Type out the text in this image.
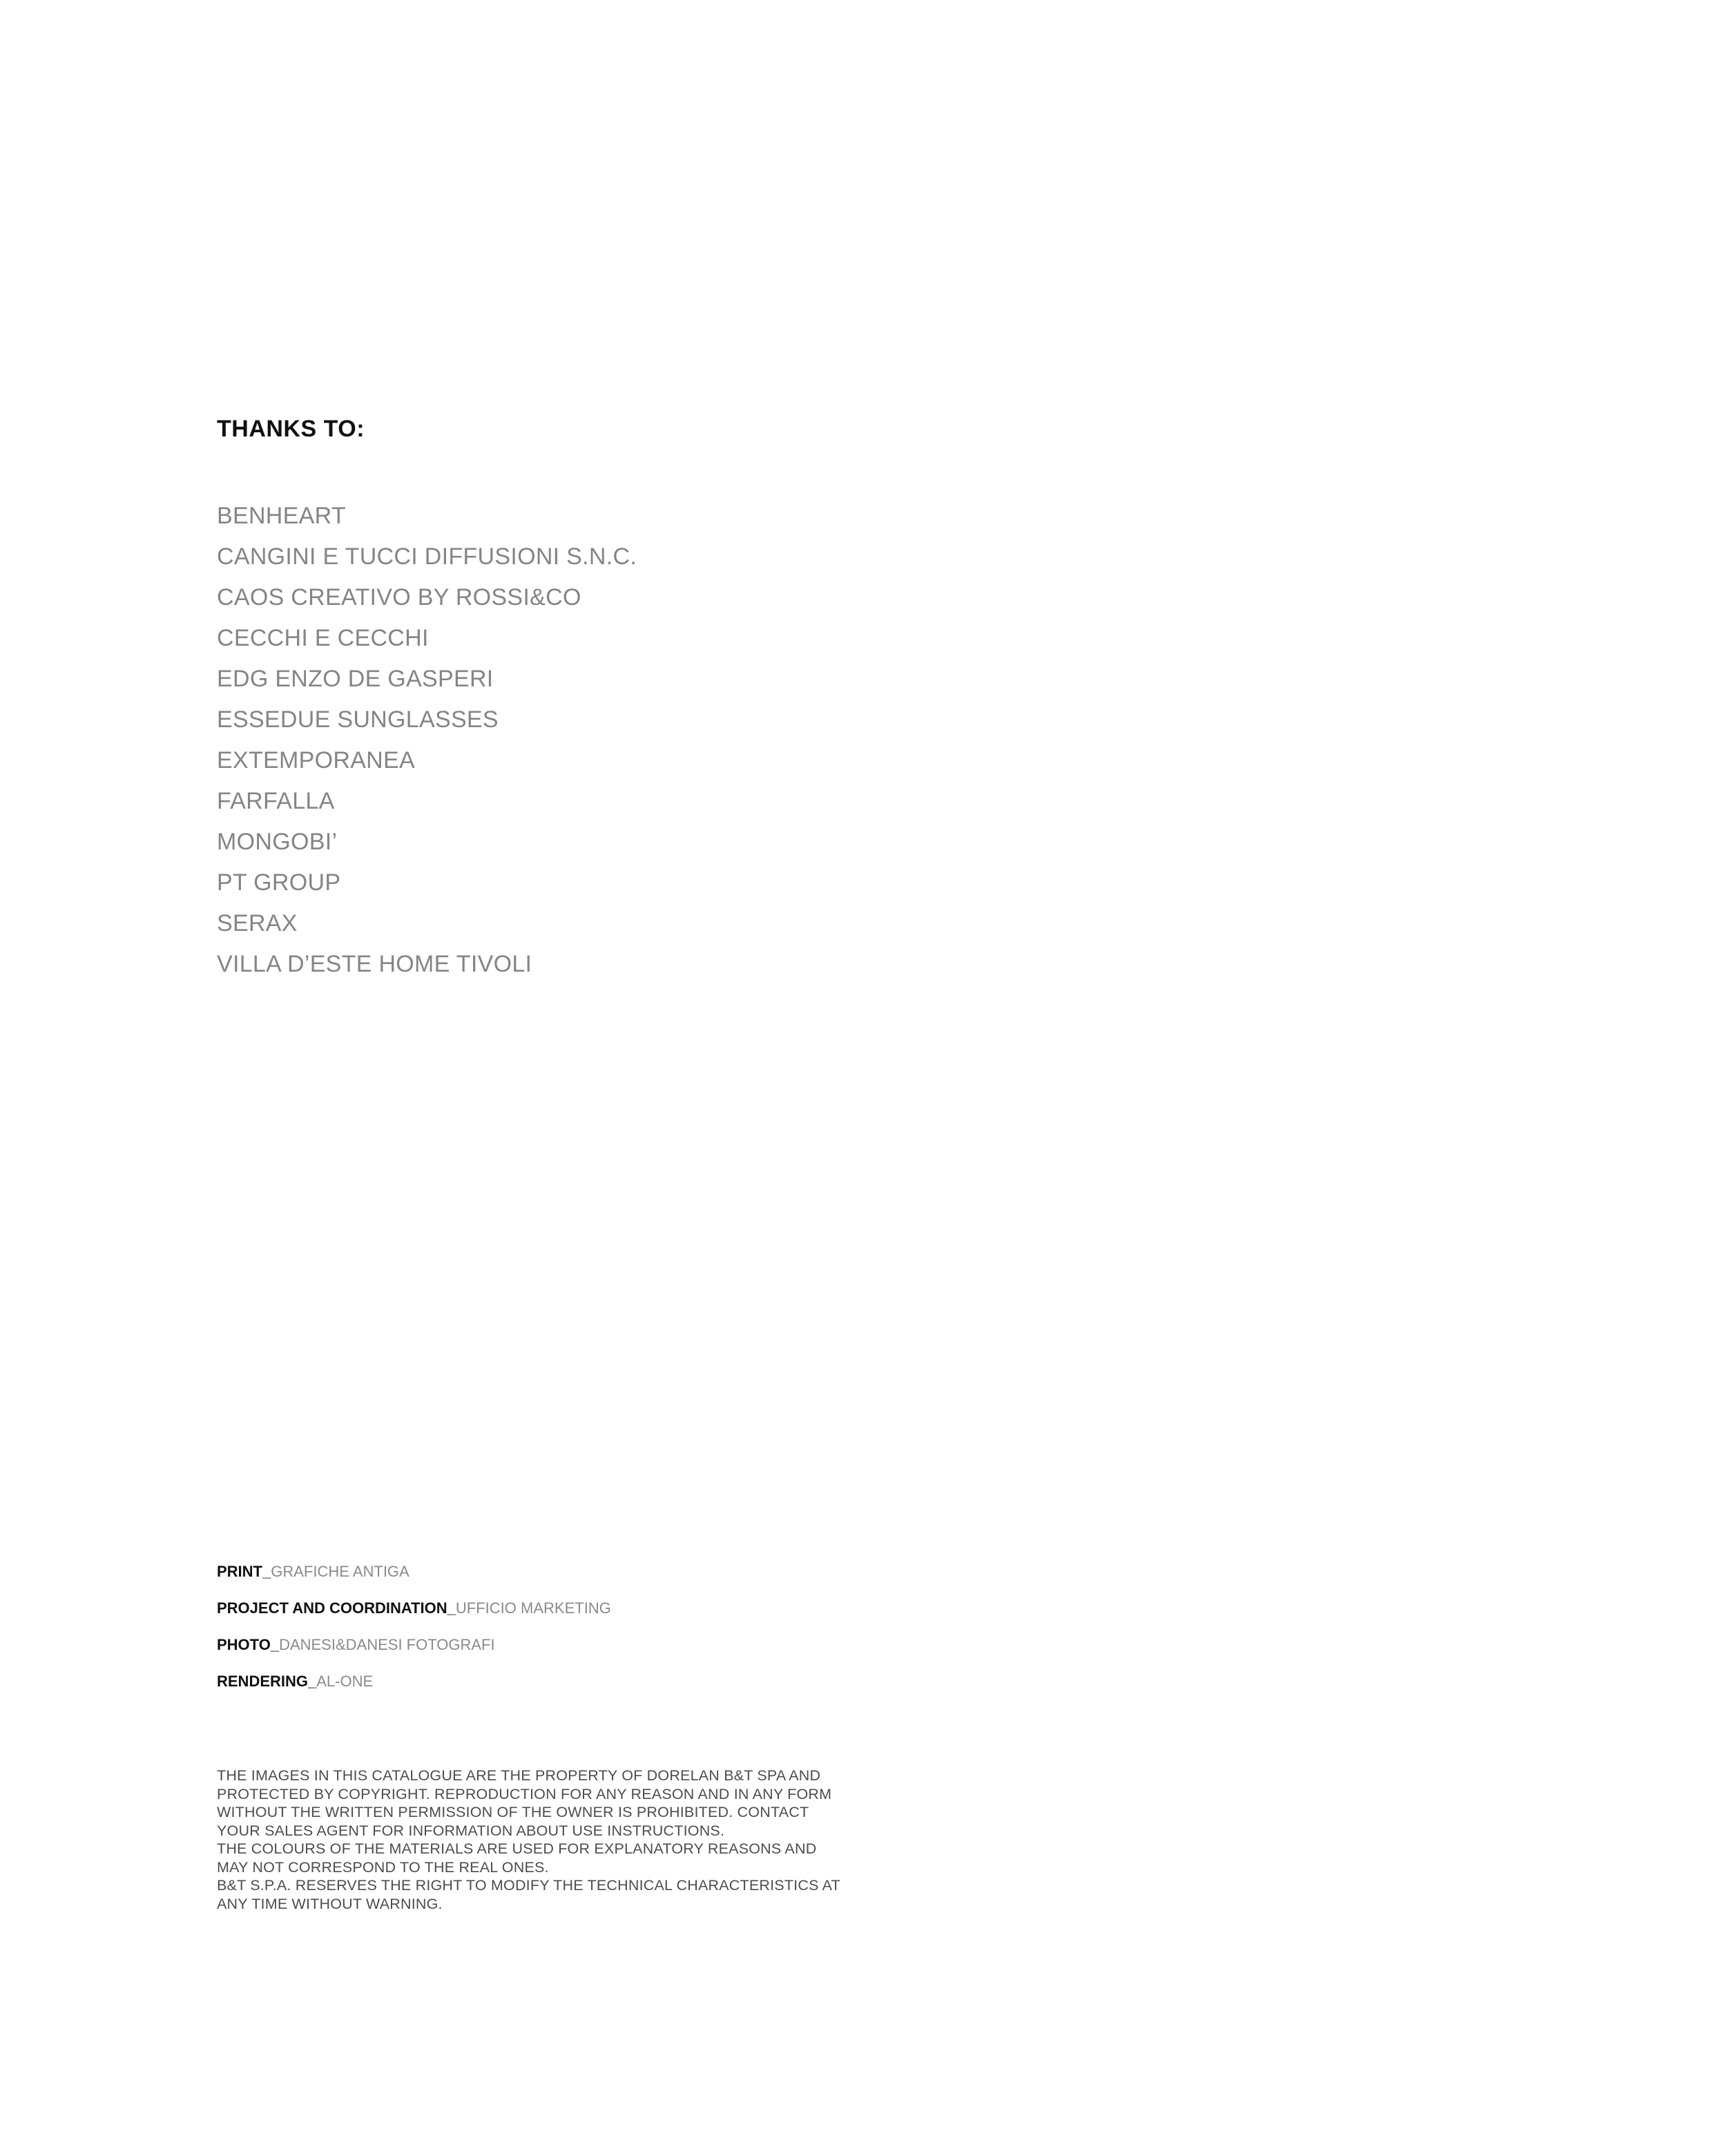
THANKS TO:
BENHEART
CANGINI E TUCCI DIFFUSIONI S.N.C.
CAOS CREATIVO BY ROSSI&CO
CECCHI E CECCHI
EDG ENZO DE GASPERI
ESSEDUE SUNGLASSES
EXTEMPORANEA
FARFALLA
MONGOBI’
PT GROUP
SERAX
VILLA D’ESTE HOME TIVOLI
PRINT_GRAFICHE ANTIGA
PROJECT AND COORDINATION_UFFICIO MARKETING
PHOTO_DANESI&DANESI FOTOGRAFI
RENDERING_AL-ONE
THE IMAGES IN THIS CATALOGUE ARE THE PROPERTY OF DORELAN B&T SPA AND
PROTECTED BY COPYRIGHT. REPRODUCTION FOR ANY REASON AND IN ANY FORM
WITHOUT THE WRITTEN PERMISSION OF THE OWNER IS PROHIBITED. CONTACT
YOUR SALES AGENT FOR INFORMATION ABOUT USE INSTRUCTIONS.
THE COLOURS OF THE MATERIALS ARE USED FOR EXPLANATORY REASONS AND
MAY NOT CORRESPOND TO THE REAL ONES.
B&T S.P.A. RESERVES THE RIGHT TO MODIFY THE TECHNICAL CHARACTERISTICS AT
ANY TIME WITHOUT WARNING.
